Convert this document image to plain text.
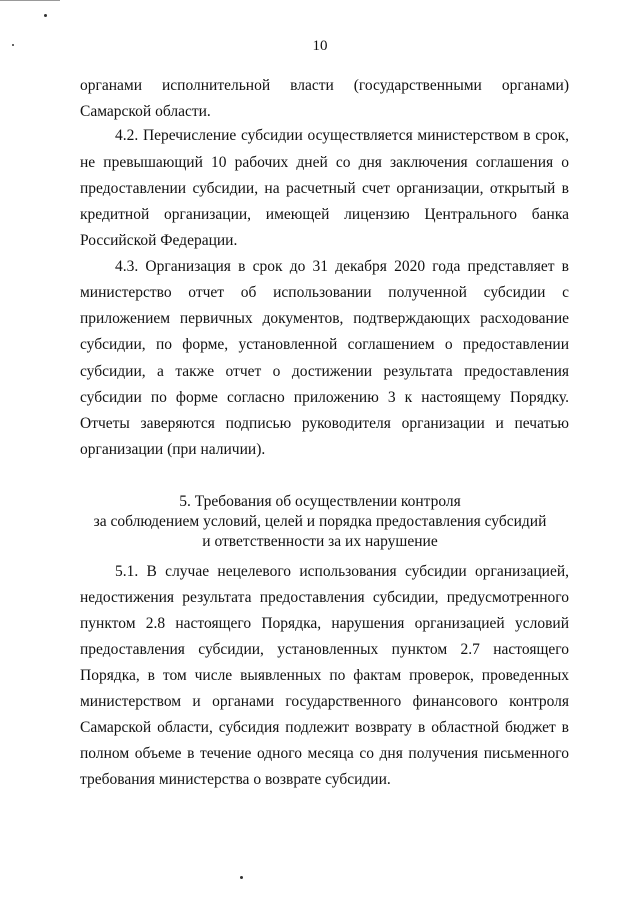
10
органами исполнительной власти (государственными органами)
Самарской области.
4.2. Перечисление субсидии осуществляется министерством в срок,
не превышающий 10 рабочих дней со дня заключения соглашения о
предоставлении субсидии, на расчетный счет организации, открытый в
кредитной организации, имеющей лицензию Центрального банка
Российской Федерации.
4.3. Организация в срок до 31 декабря 2020 года представляет в
министерство отчет об использовании полученной субсидии с
приложением первичных документов, подтверждающих расходование
субсидии, по форме, установленной соглашением о предоставлении
субсидии, а также отчет о достижении результата предоставления
субсидии по форме согласно приложению 3 к настоящему Порядку.
Отчеты заверяются подписью руководителя организации и печатью
организации (при наличии).
5. Требования об осуществлении контроля
за соблюдением условий, целей и порядка предоставления субсидий
и ответственности за их нарушение
5.1. В случае нецелевого использования субсидии организацией,
недостижения результата предоставления субсидии, предусмотренного
пунктом 2.8 настоящего Порядка, нарушения организацией условий
предоставления субсидии, установленных пунктом 2.7 настоящего
Порядка, в том числе выявленных по фактам проверок, проведенных
министерством и органами государственного финансового контроля
Самарской области, субсидия подлежит возврату в областной бюджет в
полном объеме в течение одного месяца со дня получения письменного
требования министерства о возврате субсидии.
